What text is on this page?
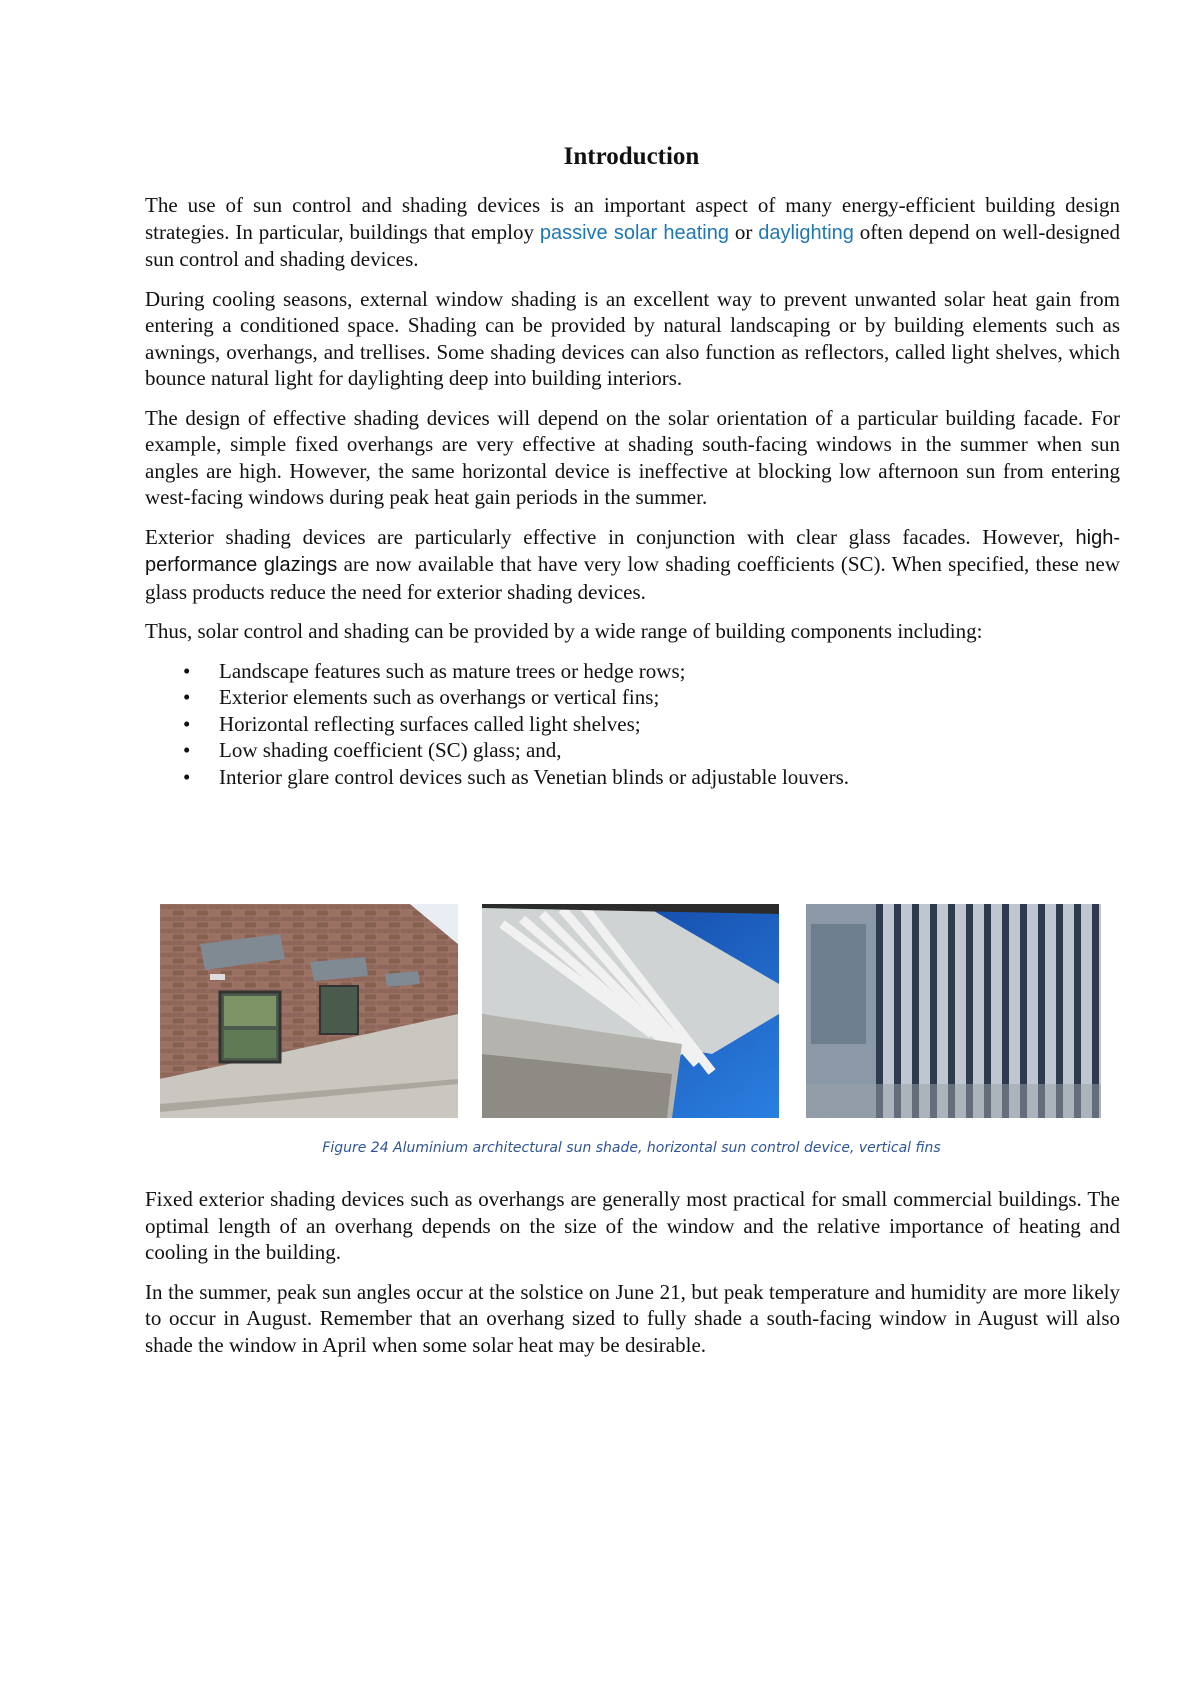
Introduction

The use of sun control and shading devices is an important aspect of many energy-efficient building design strategies. In particular, buildings that employ passive solar heating or daylighting often depend on well-designed sun control and shading devices.

During cooling seasons, external window shading is an excellent way to prevent unwanted solar heat gain from entering a conditioned space. Shading can be provided by natural landscaping or by building elements such as awnings, overhangs, and trellises. Some shading devices can also function as reflectors, called light shelves, which bounce natural light for daylighting deep into building interiors.

The design of effective shading devices will depend on the solar orientation of a particular building facade. For example, simple fixed overhangs are very effective at shading south-facing windows in the summer when sun angles are high. However, the same horizontal device is ineffective at blocking low afternoon sun from entering west-facing windows during peak heat gain periods in the summer.

Exterior shading devices are particularly effective in conjunction with clear glass facades. However, high-performance glazings are now available that have very low shading coefficients (SC). When specified, these new glass products reduce the need for exterior shading devices.

Thus, solar control and shading can be provided by a wide range of building components including:

• Landscape features such as mature trees or hedge rows;
• Exterior elements such as overhangs or vertical fins;
• Horizontal reflecting surfaces called light shelves;
• Low shading coefficient (SC) glass; and,
• Interior glare control devices such as Venetian blinds or adjustable louvers.
Figure 24 Aluminium architectural sun shade, horizontal sun control device, vertical fins

Fixed exterior shading devices such as overhangs are generally most practical for small commercial buildings. The optimal length of an overhang depends on the size of the window and the relative importance of heating and cooling in the building.

In the summer, peak sun angles occur at the solstice on June 21, but peak temperature and humidity are more likely to occur in August. Remember that an overhang sized to fully shade a south-facing window in August will also shade the window in April when some solar heat may be desirable.
